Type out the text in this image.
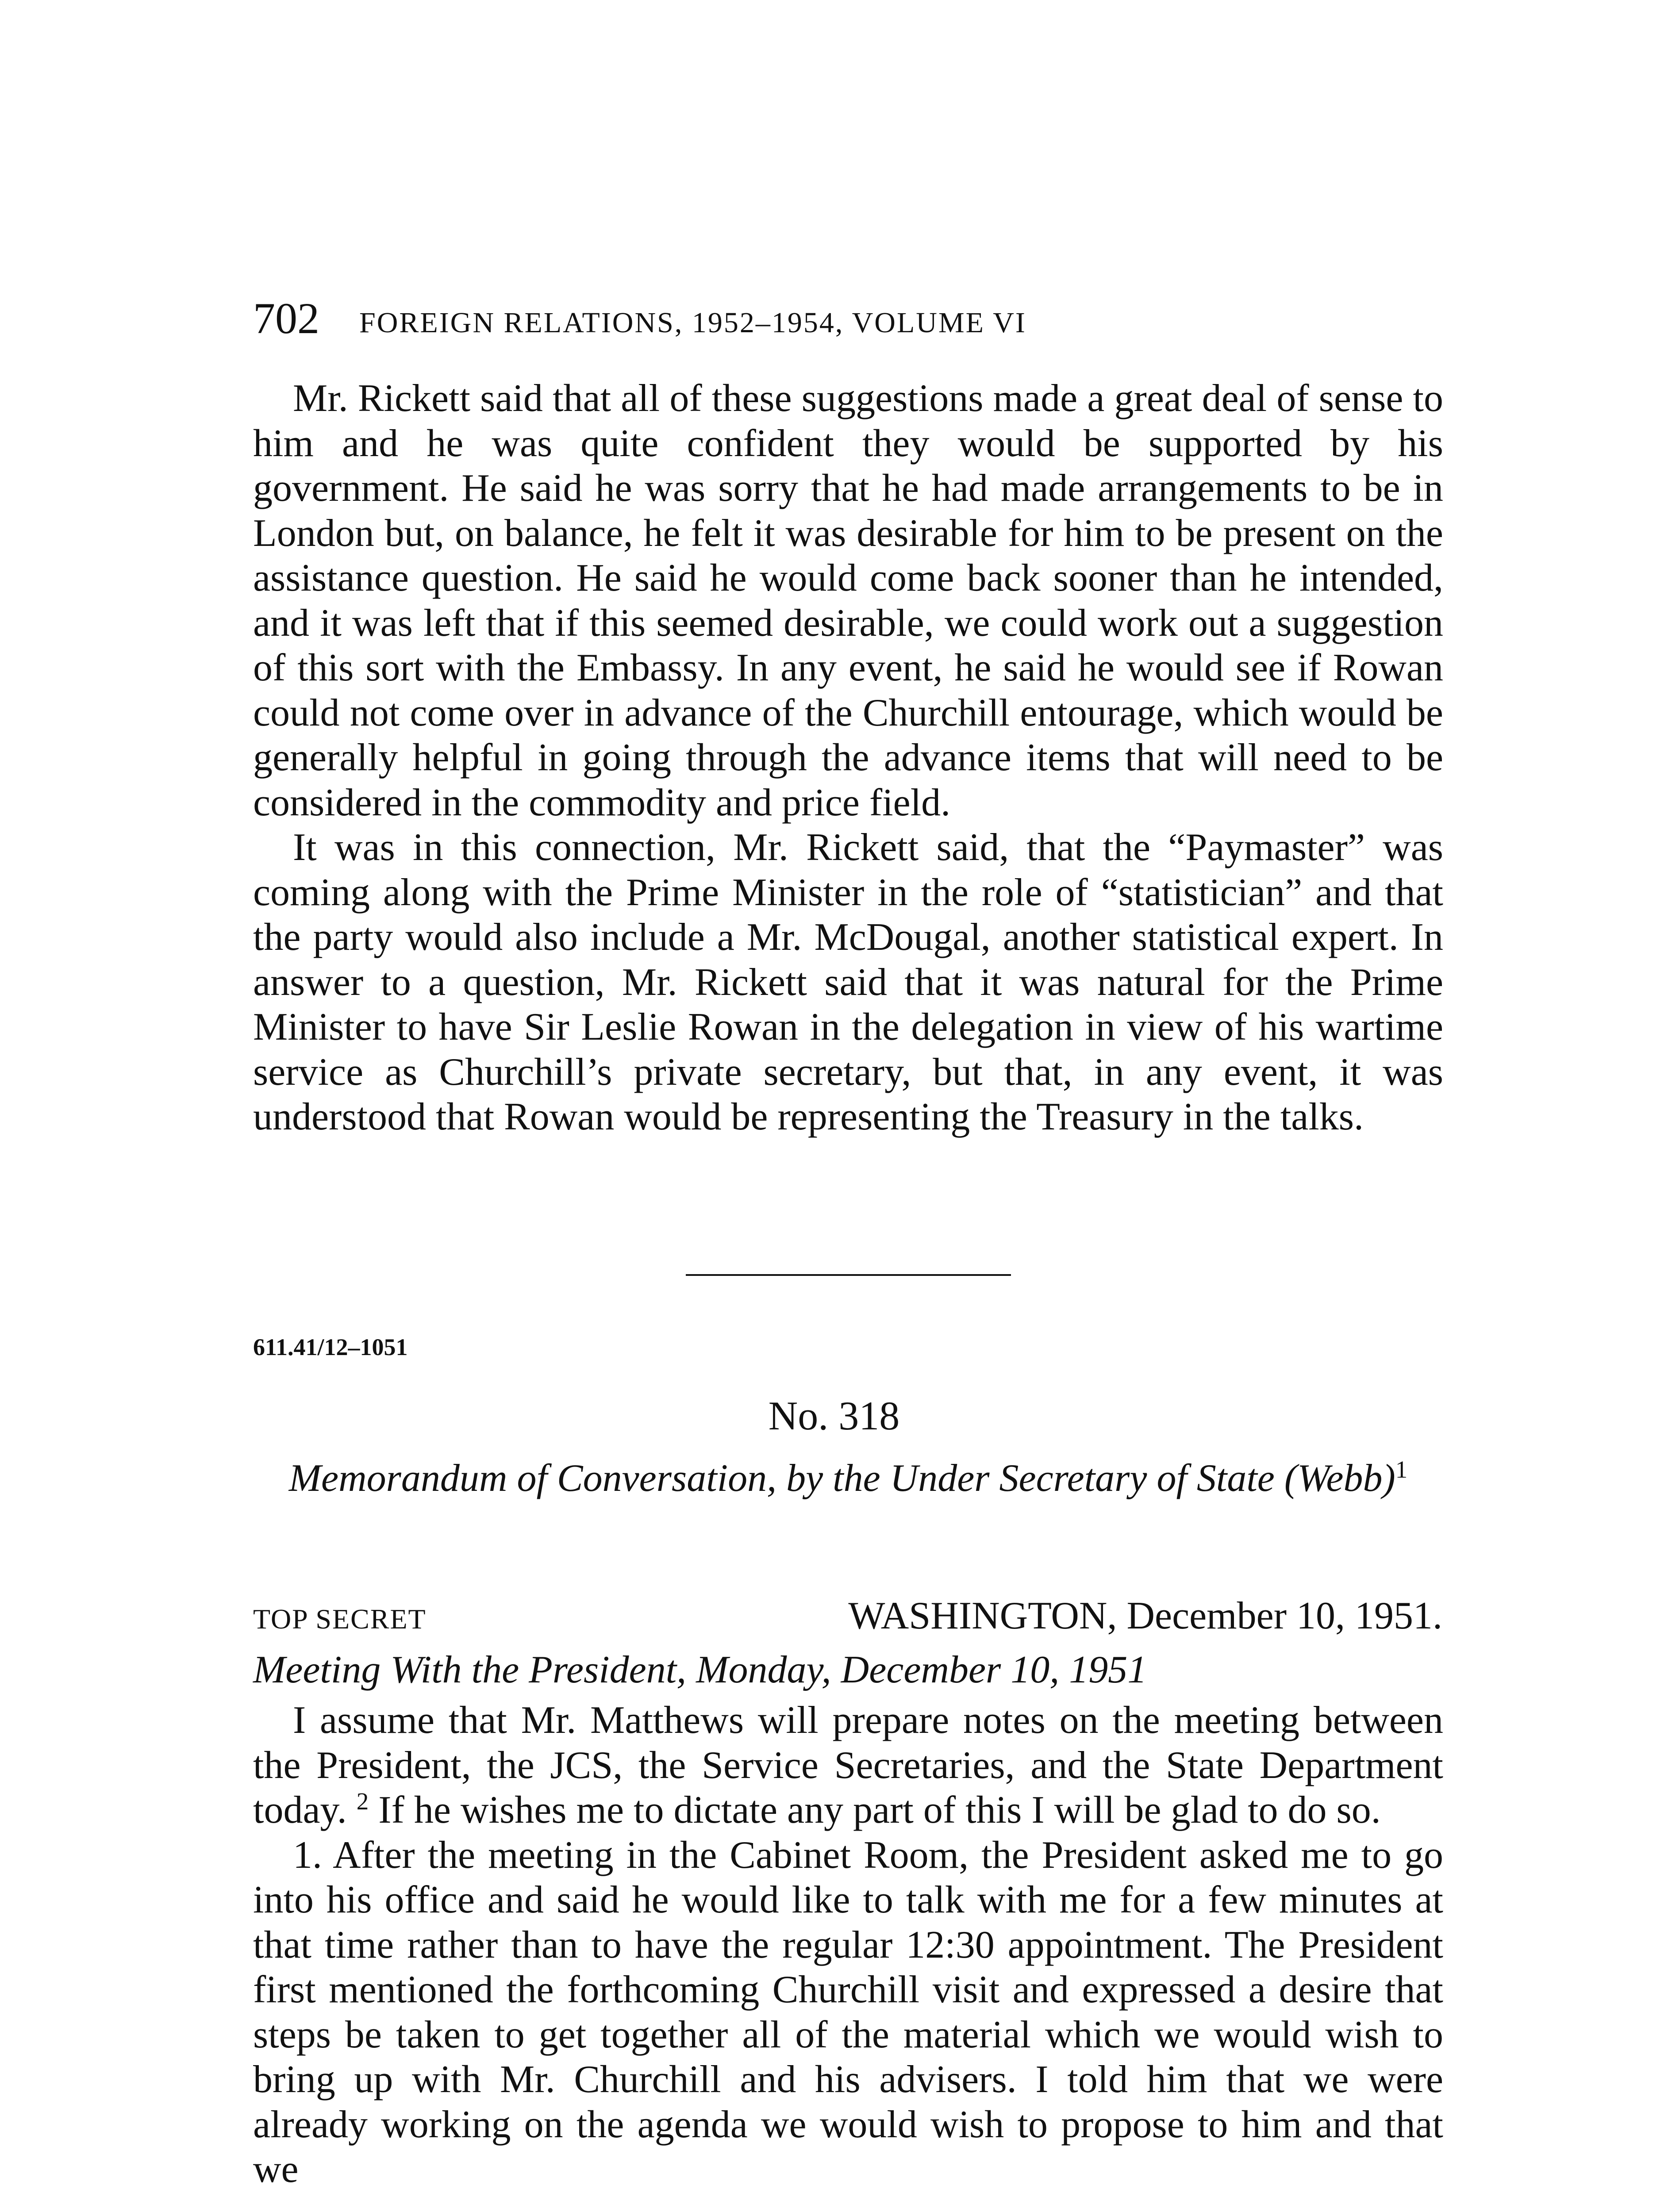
702 FOREIGN RELATIONS, 1952–1954, VOLUME VI

Mr. Rickett said that all of these suggestions made a great deal of sense to him and he was quite confident they would be supported by his government. He said he was sorry that he had made arrangements to be in London but, on balance, he felt it was desirable for him to be present on the assistance question. He said he would come back sooner than he intended, and it was left that if this seemed desirable, we could work out a suggestion of this sort with the Embassy. In any event, he said he would see if Rowan could not come over in advance of the Churchill entourage, which would be generally helpful in going through the advance items that will need to be considered in the commodity and price field.

It was in this connection, Mr. Rickett said, that the “Paymaster” was coming along with the Prime Minister in the role of “statistician” and that the party would also include a Mr. McDougal, another statistical expert. In answer to a question, Mr. Rickett said that it was natural for the Prime Minister to have Sir Leslie Rowan in the delegation in view of his wartime service as Churchill’s private secretary, but that, in any event, it was understood that Rowan would be representing the Treasury in the talks.

611.41/12–1051
No. 318
Memorandum of Conversation, by the Under Secretary of State (Webb)$^1$
TOP SECRET	WASHINGTON, December 10, 1951.
Meeting With the President, Monday, December 10, 1951

I assume that Mr. Matthews will prepare notes on the meeting between the President, the JCS, the Service Secretaries, and the State Department today. $^2$ If he wishes me to dictate any part of this I will be glad to do so.

1. After the meeting in the Cabinet Room, the President asked me to go into his office and said he would like to talk with me for a few minutes at that time rather than to have the regular 12:30 appointment. The President first mentioned the forthcoming Churchill visit and expressed a desire that steps be taken to get together all of the material which we would wish to bring up with Mr. Churchill and his advisers. I told him that we were already working on the agenda we would wish to propose to him and that we
